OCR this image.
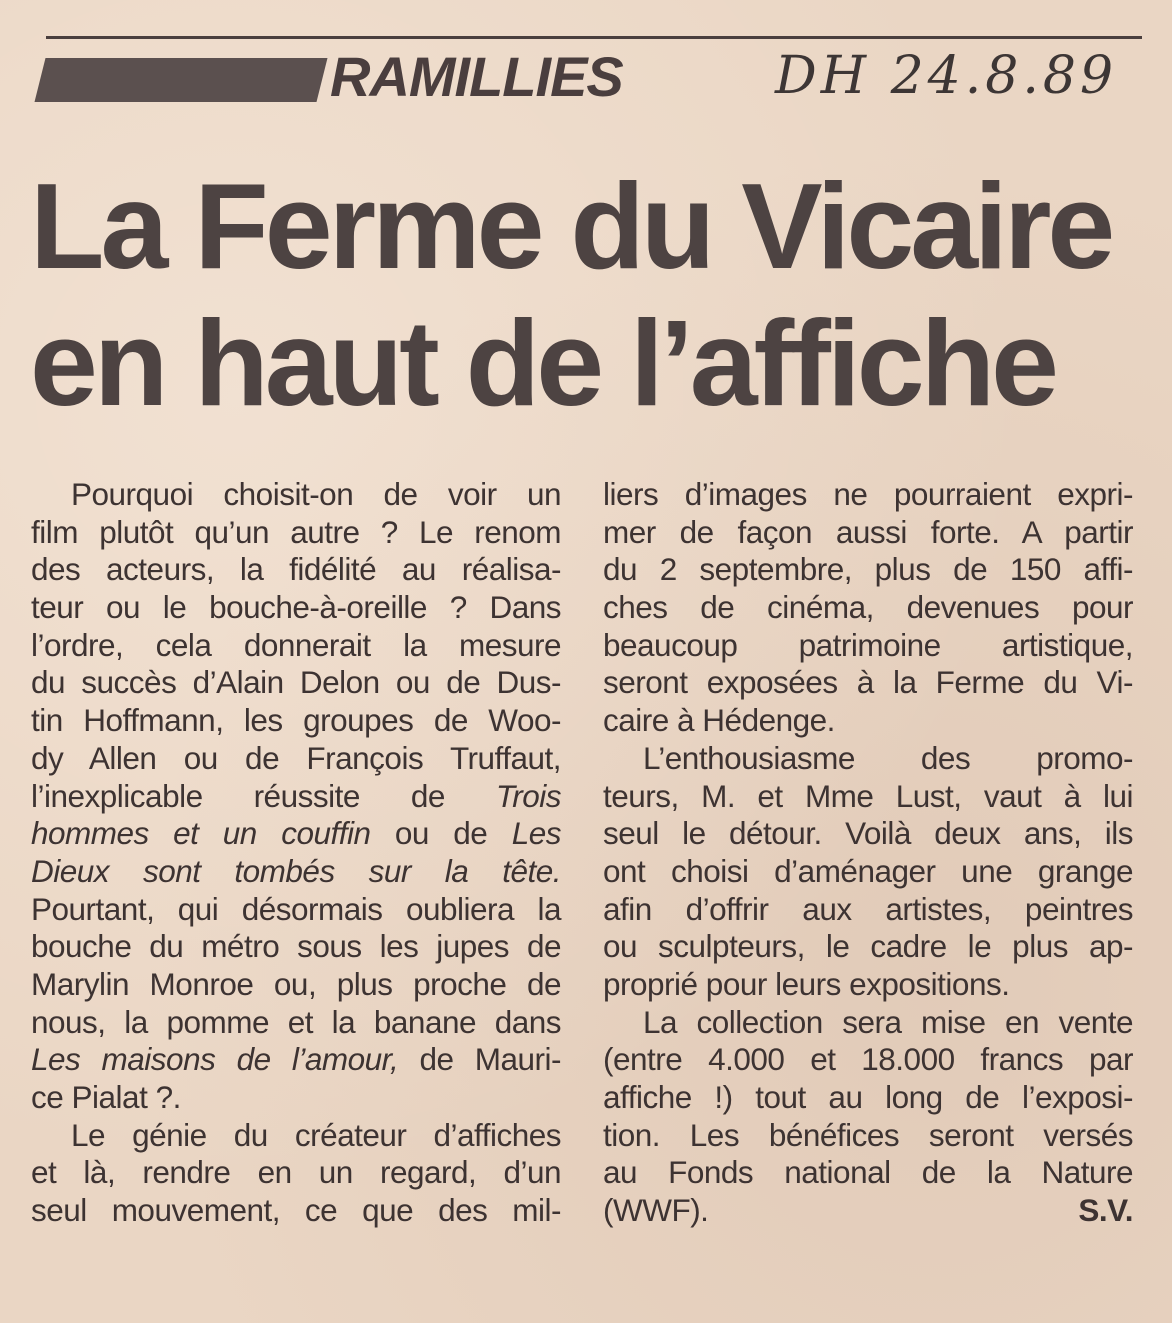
RAMILLIES	DH 24.8.89
La Ferme du Vicaire
en haut de l’affiche
Pourquoi choisit-on de voir un
film plutôt qu’un autre ? Le renom
des acteurs, la fidélité au réalisa-
teur ou le bouche-à-oreille ? Dans
l’ordre, cela donnerait la mesure
du succès d’Alain Delon ou de Dus-
tin Hoffmann, les groupes de Woo-
dy Allen ou de François Truffaut,
l’inexplicable réussite de Trois
hommes et un couffin ou de Les
Dieux sont tombés sur la tête.
Pourtant, qui désormais oubliera la
bouche du métro sous les jupes de
Marylin Monroe ou, plus proche de
nous, la pomme et la banane dans
Les maisons de l’amour, de Mauri-
ce Pialat ?.
Le génie du créateur d’affiches
et là, rendre en un regard, d’un
seul mouvement, ce que des mil-
liers d’images ne pourraient expri-
mer de façon aussi forte. A partir
du 2 septembre, plus de 150 affi-
ches de cinéma, devenues pour
beaucoup patrimoine artistique,
seront exposées à la Ferme du Vi-
caire à Hédenge.
L’enthousiasme des promo-
teurs, M. et Mme Lust, vaut à lui
seul le détour. Voilà deux ans, ils
ont choisi d’aménager une grange
afin d’offrir aux artistes, peintres
ou sculpteurs, le cadre le plus ap-
proprié pour leurs expositions.
La collection sera mise en vente
(entre 4.000 et 18.000 francs par
affiche !) tout au long de l’exposi-
tion. Les bénéfices seront versés
au Fonds national de la Nature
(WWF).	S.V.
